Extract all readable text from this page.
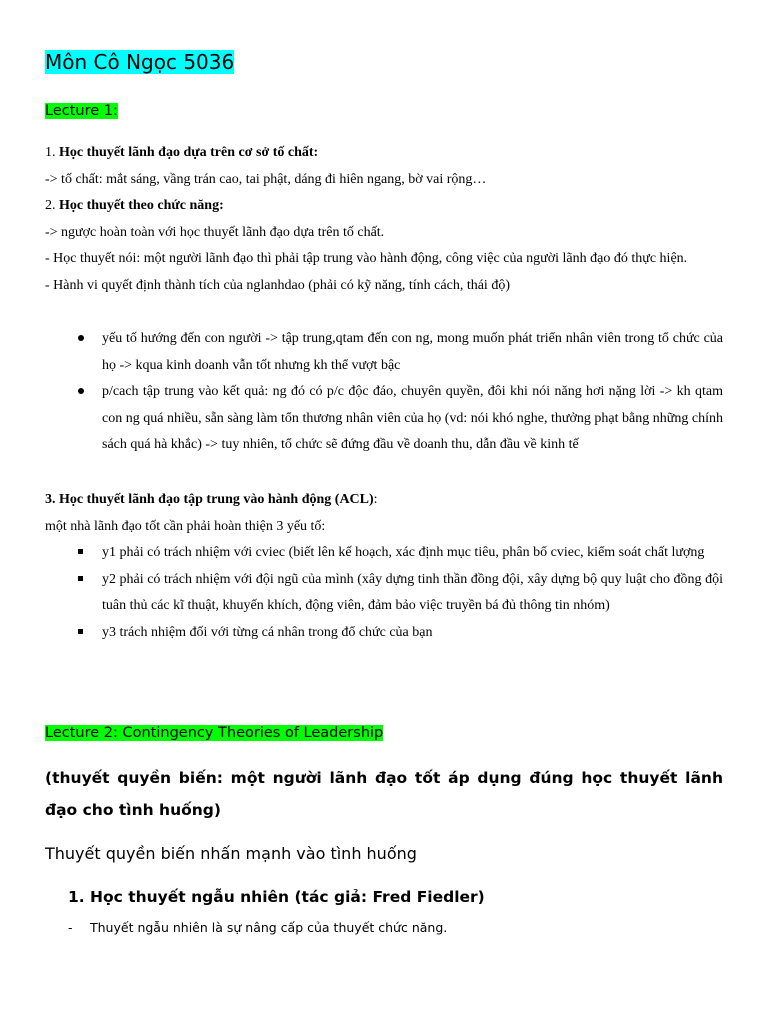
Môn Cô Ngọc 5036
Lecture 1:
1. Học thuyết lãnh đạo dựa trên cơ sở tố chất:
-> tố chất: mắt sáng, vầng trán cao, tai phật, dáng đi hiên ngang, bờ vai rộng…
2. Học thuyết theo chức năng:
-> ngược hoàn toàn với học thuyết lãnh đạo dựa trên tố chất.
- Học thuyết nói: một người lãnh đạo thì phải tập trung vào hành động, công việc của người lãnh đạo đó thực hiện.
- Hành vi quyết định thành tích của nglanhdao (phải có kỹ năng, tính cách, thái độ)
yếu tố hướng đến con người -> tập trung,qtam đến con ng, mong muốn phát triển nhân viên trong tổ chức của họ -> kqua kinh doanh vẫn tốt nhưng kh thể vượt bậc
p/cach tập trung vào kết quả: ng đó có p/c độc đáo, chuyên quyền, đôi khi nói năng hơi nặng lời -> kh qtam con ng quá nhiều, sẵn sàng làm tổn thương nhân viên của họ (vd: nói khó nghe, thưởng phạt bằng những chính sách quá hà khắc) -> tuy nhiên, tổ chức sẽ đứng đầu về doanh thu, dẫn đầu về kinh tế
3. Học thuyết lãnh đạo tập trung vào hành động (ACL):
một nhà lãnh đạo tốt cần phải hoàn thiện 3 yếu tố:
y1 phải có trách nhiệm với cviec (biết lên kế hoạch, xác định mục tiêu, phân bổ cviec, kiểm soát chất lượng
y2 phải có trách nhiệm với đội ngũ của mình (xây dựng tinh thần đồng đội, xây dựng bộ quy luật cho đồng đội tuân thủ các kĩ thuật, khuyến khích, động viên, đảm bảo việc truyền bá đủ thông tin nhóm)
y3 trách nhiệm đối với từng cá nhân trong đổ chức của bạn
Lecture 2: Contingency Theories of Leadership
(thuyết quyền biến: một người lãnh đạo tốt áp dụng đúng học thuyết lãnh đạo cho tình huống)
Thuyết quyền biến nhấn mạnh vào tình huống
1. Học thuyết ngẫu nhiên (tác giả: Fred Fiedler)
- Thuyết ngẫu nhiên là sự nâng cấp của thuyết chức năng.
